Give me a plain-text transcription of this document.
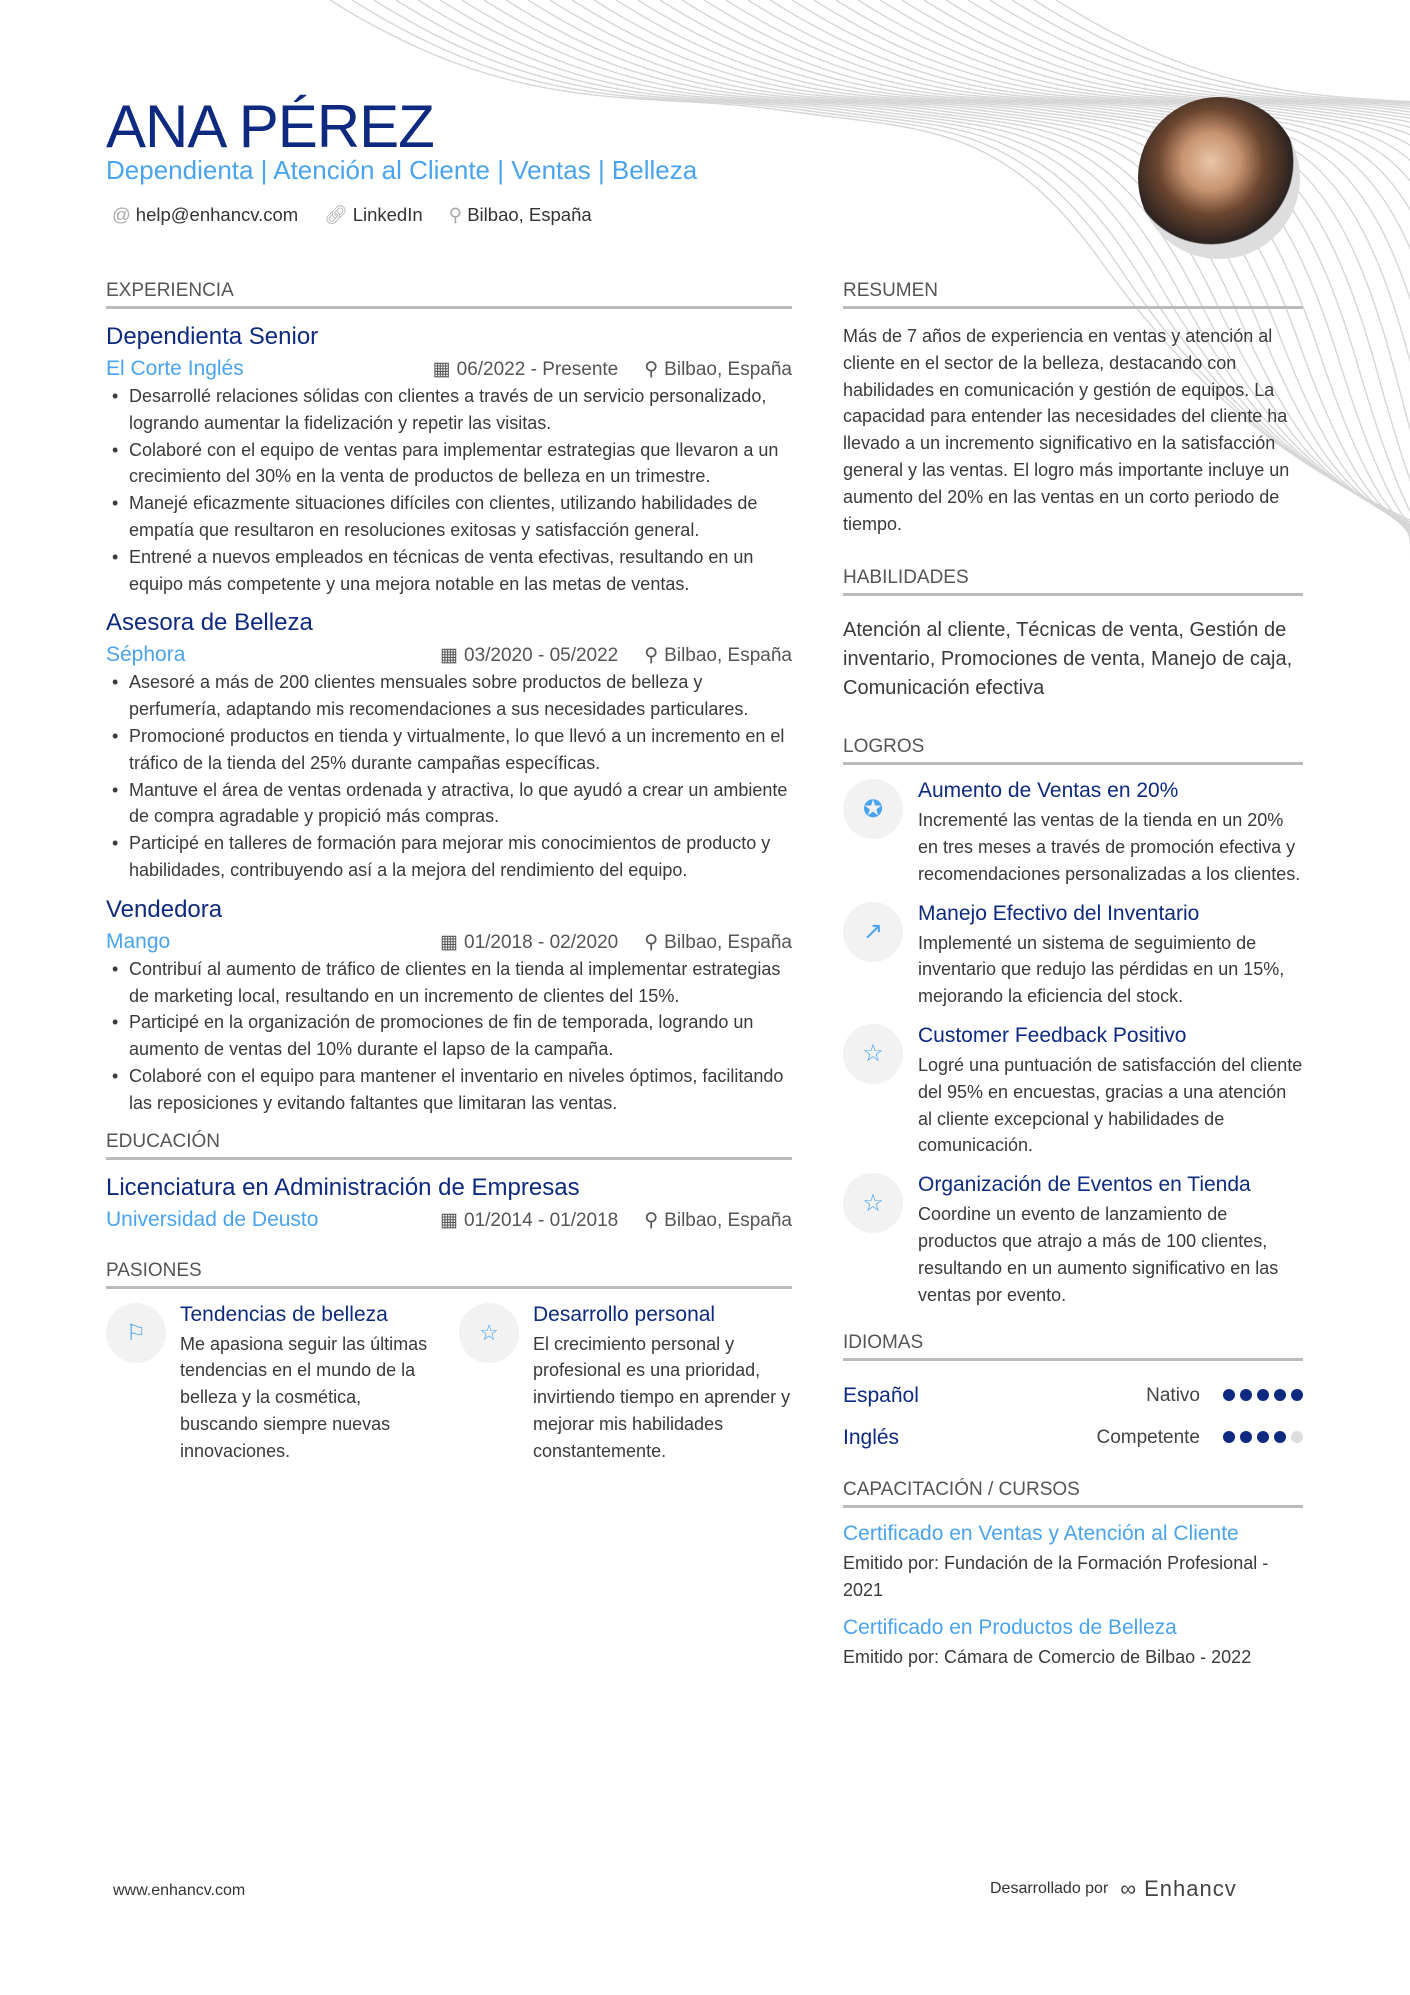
ANA PÉREZ
Dependienta | Atención al Cliente | Ventas | Belleza
@ help@enhancv.com 🔗︎ LinkedIn ⚲ Bilbao, España
EXPERIENCIA
Dependienta Senior
El Corte Inglés	▦ 06/2022 - Presente ⚲ Bilbao, España
• Desarrollé relaciones sólidas con clientes a través de un servicio personalizado, logrando aumentar la fidelización y repetir las visitas.
• Colaboré con el equipo de ventas para implementar estrategias que llevaron a un crecimiento del 30% en la venta de productos de belleza en un trimestre.
• Manejé eficazmente situaciones difíciles con clientes, utilizando habilidades de empatía que resultaron en resoluciones exitosas y satisfacción general.
• Entrené a nuevos empleados en técnicas de venta efectivas, resultando en un equipo más competente y una mejora notable en las metas de ventas.
Asesora de Belleza
Séphora	▦ 03/2020 - 05/2022 ⚲ Bilbao, España
• Asesoré a más de 200 clientes mensuales sobre productos de belleza y perfumería, adaptando mis recomendaciones a sus necesidades particulares.
• Promocioné productos en tienda y virtualmente, lo que llevó a un incremento en el tráfico de la tienda del 25% durante campañas específicas.
• Mantuve el área de ventas ordenada y atractiva, lo que ayudó a crear un ambiente de compra agradable y propició más compras.
• Participé en talleres de formación para mejorar mis conocimientos de producto y habilidades, contribuyendo así a la mejora del rendimiento del equipo.
Vendedora
Mango	▦ 01/2018 - 02/2020 ⚲ Bilbao, España
• Contribuí al aumento de tráfico de clientes en la tienda al implementar estrategias de marketing local, resultando en un incremento de clientes del 15%.
• Participé en la organización de promociones de fin de temporada, logrando un aumento de ventas del 10% durante el lapso de la campaña.
• Colaboré con el equipo para mantener el inventario en niveles óptimos, facilitando las reposiciones y evitando faltantes que limitaran las ventas.
EDUCACIÓN
Licenciatura en Administración de Empresas
Universidad de Deusto	▦ 01/2014 - 01/2018 ⚲ Bilbao, España
PASIONES
⚐
Tendencias de belleza

Me apasiona seguir las últimas tendencias en el mundo de la belleza y la cosmética, buscando siempre nuevas innovaciones.

☆
Desarrollo personal

El crecimiento personal y profesional es una prioridad, invirtiendo tiempo en aprender y mejorar mis habilidades constantemente.

RESUMEN

Más de 7 años de experiencia en ventas y atención al cliente en el sector de la belleza, destacando con habilidades en comunicación y gestión de equipos. La capacidad para entender las necesidades del cliente ha llevado a un incremento significativo en la satisfacción general y las ventas. El logro más importante incluye un aumento del 20% en las ventas en un corto periodo de tiempo.

HABILIDADES
Atención al cliente, Técnicas de venta, Gestión de inventario, Promociones de venta, Manejo de caja, Comunicación efectiva
LOGROS
✪
Aumento de Ventas en 20%

Incrementé las ventas de la tienda en un 20% en tres meses a través de promoción efectiva y recomendaciones personalizadas a los clientes.

↗
Manejo Efectivo del Inventario

Implementé un sistema de seguimiento de inventario que redujo las pérdidas en un 15%, mejorando la eficiencia del stock.

☆
Customer Feedback Positivo

Logré una puntuación de satisfacción del cliente del 95% en encuestas, gracias a una atención al cliente excepcional y habilidades de comunicación.

☆
Organización de Eventos en Tienda

Coordine un evento de lanzamiento de productos que atrajo a más de 100 clientes, resultando en un aumento significativo en las ventas por evento.

IDIOMAS
Español	Nativo
Inglés	Competente
CAPACITACIÓN / CURSOS
Certificado en Ventas y Atención al Cliente
Emitido por: Fundación de la Formación Profesional - 2021
Certificado en Productos de Belleza
Emitido por: Cámara de Comercio de Bilbao - 2022
www.enhancv.com	Desarrollado por ∞ Enhancv
